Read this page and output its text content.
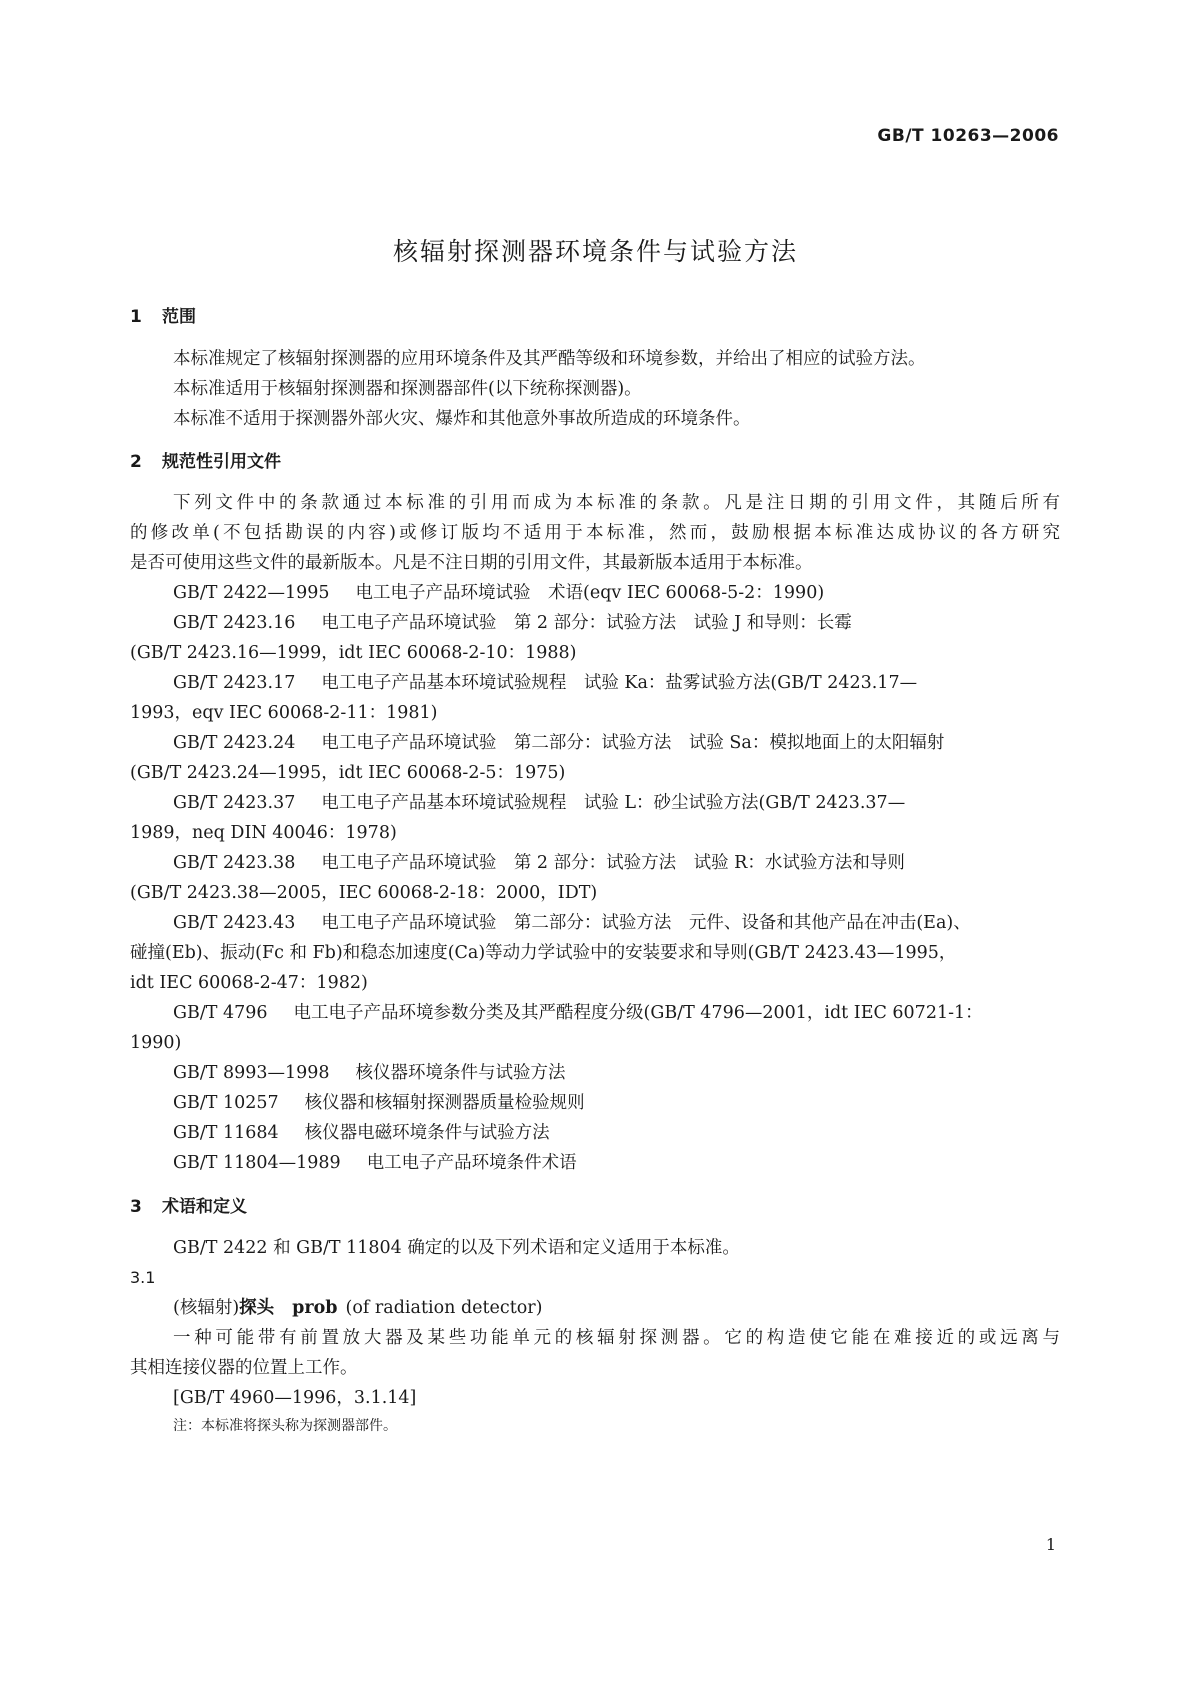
GB/T 10263—2006
核辐射探测器环境条件与试验方法
1 范围
本标准规定了核辐射探测器的应用环境条件及其严酷等级和环境参数，并给出了相应的试验方法。
本标准适用于核辐射探测器和探测器部件(以下统称探测器)。
本标准不适用于探测器外部火灾、爆炸和其他意外事故所造成的环境条件。
2 规范性引用文件
下列文件中的条款通过本标准的引用而成为本标准的条款。凡是注日期的引用文件，其随后所有
的修改单(不包括勘误的内容)或修订版均不适用于本标准，然而，鼓励根据本标准达成协议的各方研究
是否可使用这些文件的最新版本。凡是不注日期的引用文件，其最新版本适用于本标准。
GB/T 2422—1995 电工电子产品环境试验　术语(eqv IEC 60068-5-2：1990)
GB/T 2423.16 电工电子产品环境试验　第 2 部分：试验方法　试验 J 和导则：长霉
(GB/T 2423.16—1999，idt IEC 60068-2-10：1988)
GB/T 2423.17 电工电子产品基本环境试验规程　试验 Ka：盐雾试验方法(GB/T 2423.17—
1993，eqv IEC 60068-2-11：1981)
GB/T 2423.24 电工电子产品环境试验　第二部分：试验方法　试验 Sa：模拟地面上的太阳辐射
(GB/T 2423.24—1995，idt IEC 60068-2-5：1975)
GB/T 2423.37 电工电子产品基本环境试验规程　试验 L：砂尘试验方法(GB/T 2423.37—
1989，neq DIN 40046：1978)
GB/T 2423.38 电工电子产品环境试验　第 2 部分：试验方法　试验 R：水试验方法和导则
(GB/T 2423.38—2005，IEC 60068-2-18：2000，IDT)
GB/T 2423.43 电工电子产品环境试验　第二部分：试验方法　元件、设备和其他产品在冲击(Ea)、
碰撞(Eb)、振动(Fc 和 Fb)和稳态加速度(Ca)等动力学试验中的安装要求和导则(GB/T 2423.43—1995，
idt IEC 60068-2-47：1982)
GB/T 4796 电工电子产品环境参数分类及其严酷程度分级(GB/T 4796—2001，idt IEC 60721-1：
1990)
GB/T 8993—1998 核仪器环境条件与试验方法
GB/T 10257 核仪器和核辐射探测器质量检验规则
GB/T 11684 核仪器电磁环境条件与试验方法
GB/T 11804—1989 电工电子产品环境条件术语
3 术语和定义
GB/T 2422 和 GB/T 11804 确定的以及下列术语和定义适用于本标准。
3.1
(核辐射)探头 prob (of radiation detector)
一种可能带有前置放大器及某些功能单元的核辐射探测器。它的构造使它能在难接近的或远离与
其相连接仪器的位置上工作。
[GB/T 4960—1996，3.1.14]
注：本标准将探头称为探测器部件。
1
